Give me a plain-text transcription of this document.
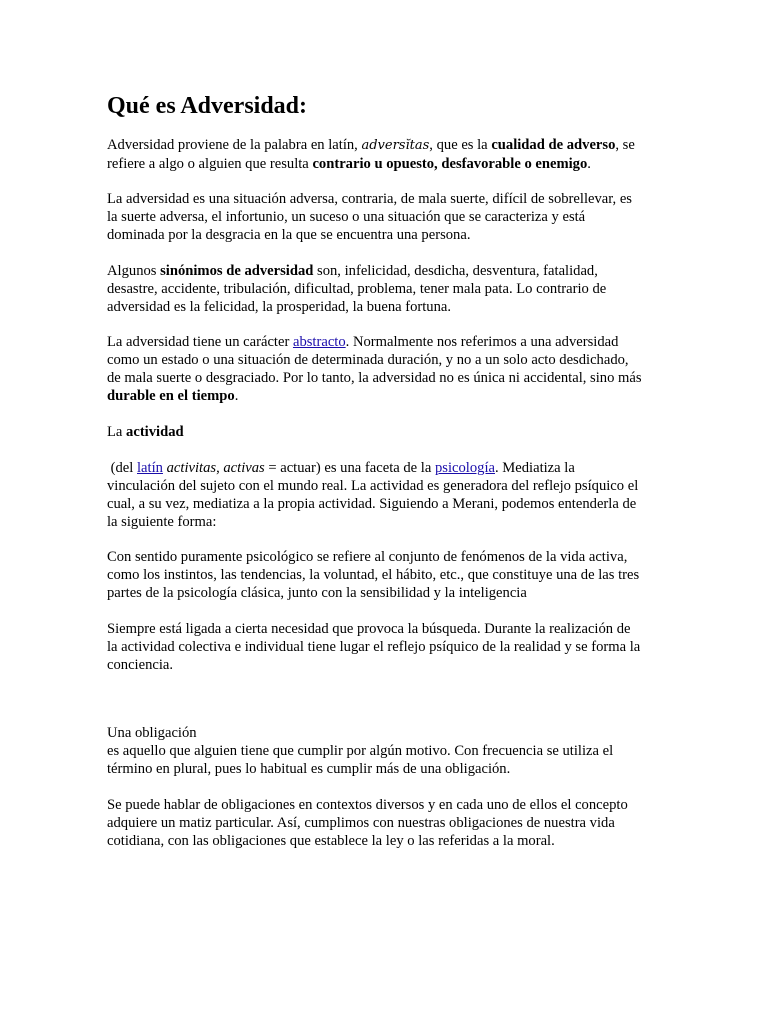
Qué es Adversidad:

Adversidad proviene de la palabra en latín, adversĭtas, que es la cualidad de adverso, se
refiere a algo o alguien que resulta contrario u opuesto, desfavorable o enemigo.

La adversidad es una situación adversa, contraria, de mala suerte, difícil de sobrellevar, es
la suerte adversa, el infortunio, un suceso o una situación que se caracteriza y está
dominada por la desgracia en la que se encuentra una persona.

Algunos sinónimos de adversidad son, infelicidad, desdicha, desventura, fatalidad,
desastre, accidente, tribulación, dificultad, problema, tener mala pata. Lo contrario de
adversidad es la felicidad, la prosperidad, la buena fortuna.

La adversidad tiene un carácter abstracto. Normalmente nos referimos a una adversidad
como un estado o una situación de determinada duración, y no a un solo acto desdichado,
de mala suerte o desgraciado. Por lo tanto, la adversidad no es única ni accidental, sino más
durable en el tiempo.

La actividad

(del latín activitas, activas = actuar) es una faceta de la psicología. Mediatiza la
vinculación del sujeto con el mundo real. La actividad es generadora del reflejo psíquico el
cual, a su vez, mediatiza a la propia actividad. Siguiendo a Merani, podemos entenderla de
la siguiente forma:

Con sentido puramente psicológico se refiere al conjunto de fenómenos de la vida activa,
como los instintos, las tendencias, la voluntad, el hábito, etc., que constituye una de las tres
partes de la psicología clásica, junto con la sensibilidad y la inteligencia

Siempre está ligada a cierta necesidad que provoca la búsqueda. Durante la realización de
la actividad colectiva e individual tiene lugar el reflejo psíquico de la realidad y se forma la
conciencia.

Una obligación
es aquello que alguien tiene que cumplir por algún motivo. Con frecuencia se utiliza el
término en plural, pues lo habitual es cumplir más de una obligación.

Se puede hablar de obligaciones en contextos diversos y en cada uno de ellos el concepto
adquiere un matiz particular. Así, cumplimos con nuestras obligaciones de nuestra vida
cotidiana, con las obligaciones que establece la ley o las referidas a la moral.
